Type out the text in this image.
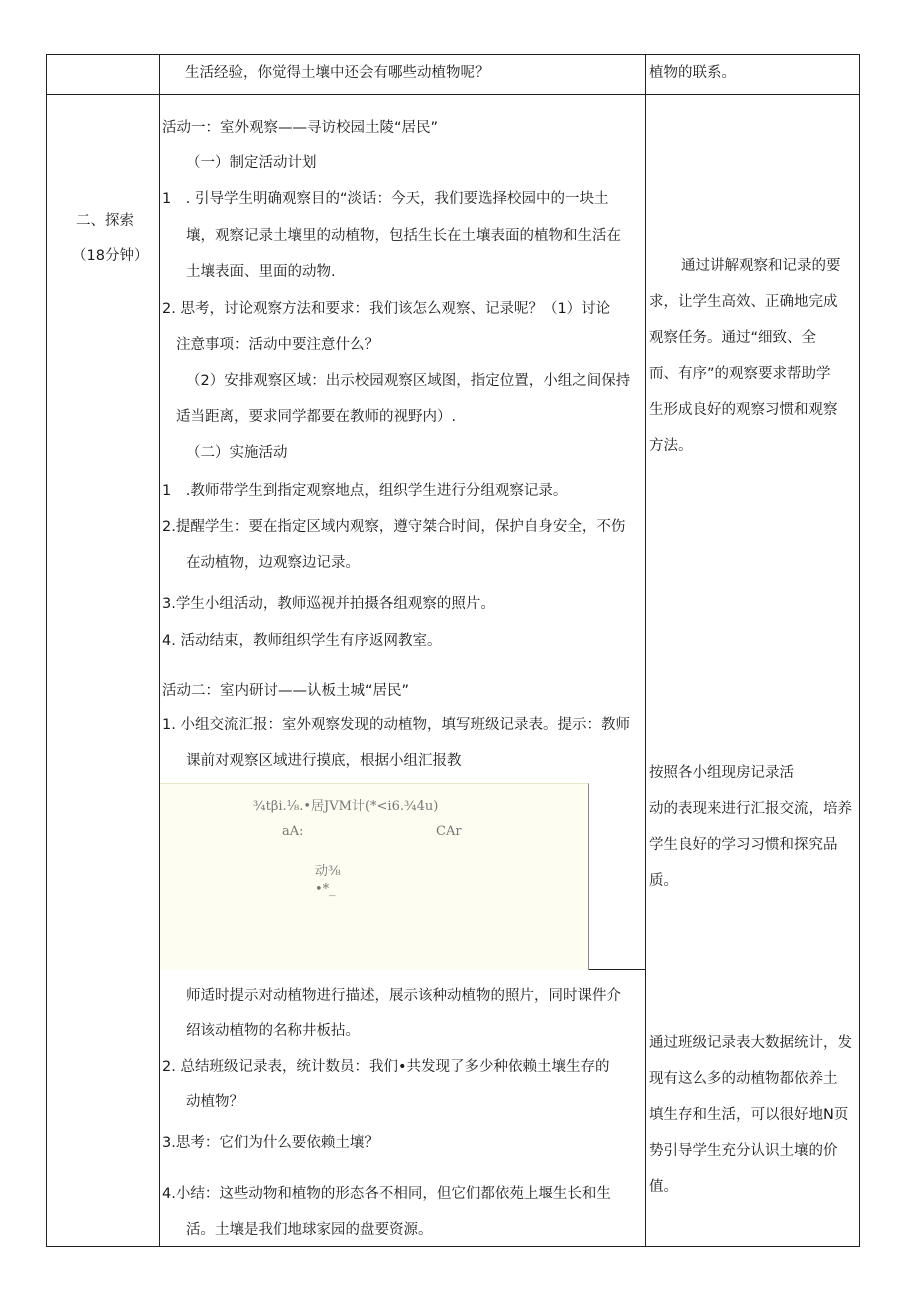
生活经验，你觉得土壤中还会有哪些动植物呢？	植物的联系。
二、探索
（18分钟）
活动一：室外观察——寻访校园土陵“居民”
（一）制定活动计划
1　. 引导学生明确观察目的“淡话：今天，我们要选择校园中的一块土
壤，观察记录土壤里的动植物，包括生长在土壤表面的植物和生活在
土壤表面、里面的动物.
2. 思考，讨论观察方法和要求：我们该怎么观察、记录呢？（1）讨论
注意事项：活动中要注意什么？
（2）安排观察区域：出示校园观察区域图，指定位置，小组之间保持
适当距离，要求同学都要在教师的视野内）.
（二）实施活动
1　.教师带学生到指定观察地点，组织学生进行分组观察记录。
2.提醒学生：要在指定区域内观察，遵守桀合时间，保护自身安全，不伤
在动植物，边观察边记录。
3.学生小组活动，教师巡视并拍摄各组观察的照片。
4. 活动结束，教师组织学生有序返网教室。
活动二：室内研讨——认板土城“居民”
1. 小组交流汇报：室外观察发现的动植物，填写班级记录表。提示：教师
课前对观察区域进行摸底，根据小组汇报教
¾tβi.⅛.•居JVM计(*<i6.¾4u)
aA:	CAr
动⅜
•*_
通过讲解观察和记录的要
求，让学生高效、正确地完成
观察任务。通过“细致、全
而、有序”的观察要求帮助学
生形成良好的观察习惯和观察
方法。
按照各小组现房记录活
动的表现来进行汇报交流，培养
学生良好的学习习惯和探究品
质。
师适时提示对动植物进行描述，展示该种动植物的照片，同时课件介
绍该动植物的名称井板拈。
2. 总结班级记录表，统计数员：我们•共发现了多少种依赖土壤生存的
动植物？
3.思考：它们为什么要依赖土壤？
4.小结：这些动物和植物的形态各不相同，但它们都依苑上堰生长和生
活。土壤是我们地球家园的盘要资源。
通过班级记录表大数据统计，发
现有这么多的动植物都依养土
填生存和生活，可以很好地N页
势引导学生充分认识土壤的价
值。
